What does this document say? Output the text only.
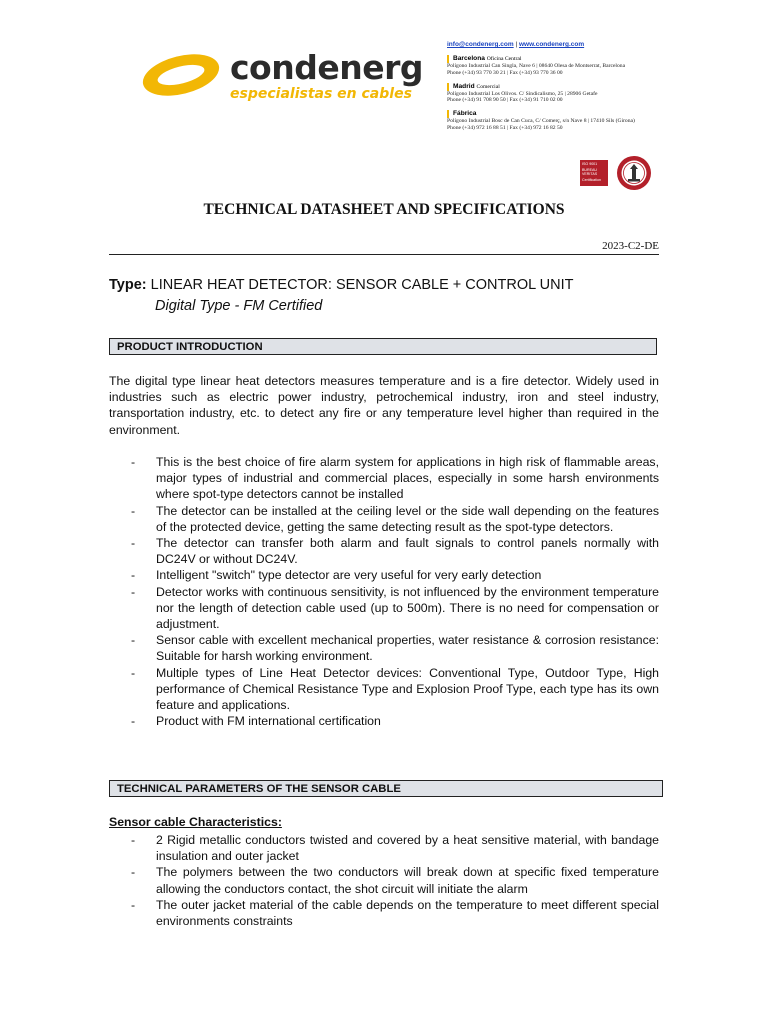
condenerg
especialistas en cables
info@condenerg.com | www.condenerg.com
Barcelona Oficina Central
Polígono Industrial Can Singla, Nave 6 | 08640 Olesa de Montserrat, Barcelona
Phone (+34) 93 770 30 21 | Fax (+34) 93 770 36 00
Madrid Comercial
Polígono Industrial Los Olivos. C/ Sindicalismo, 25 | 28906 Getafe
Phone (+34) 91 708 90 50 | Fax (+34) 91 710 02 00
Fábrica
Polígono Industrial Bosc de Can Cuca, C/ Comerç, s/n Nave 8 | 17410 Sils (Girona)
Phone (+34) 972 16 88 51 | Fax (+34) 972 16 82 50
ISO 9001
BUREAU VERITAS
Certification
TECHNICAL DATASHEET AND SPECIFICATIONS
2023-C2-DE
Type: LINEAR HEAT DETECTOR: SENSOR CABLE + CONTROL UNIT
Digital Type - FM Certified
PRODUCT INTRODUCTION
The digital type linear heat detectors measures temperature and is a fire detector. Widely used in industries such as electric power industry, petrochemical industry, iron and steel industry, transportation industry, etc. to detect any fire or any temperature level higher than required in the environment.
- This is the best choice of fire alarm system for applications in high risk of flammable areas, major types of industrial and commercial places, especially in some harsh environments where spot-type detectors cannot be installed
- The detector can be installed at the ceiling level or the side wall depending on the features of the protected device, getting the same detecting result as the spot-type detectors.
- The detector can transfer both alarm and fault signals to control panels normally with DC24V or without DC24V.
- Intelligent "switch" type detector are very useful for very early detection
- Detector works with continuous sensitivity, is not influenced by the environment temperature nor the length of detection cable used (up to 500m). There is no need for compensation or adjustment.
- Sensor cable with excellent mechanical properties, water resistance & corrosion resistance: Suitable for harsh working environment.
- Multiple types of Line Heat Detector devices: Conventional Type, Outdoor Type, High performance of Chemical Resistance Type and Explosion Proof Type, each type has its own feature and applications.
- Product with FM international certification
TECHNICAL PARAMETERS OF THE SENSOR CABLE
Sensor cable Characteristics:
- 2 Rigid metallic conductors twisted and covered by a heat sensitive material, with bandage insulation and outer jacket
- The polymers between the two conductors will break down at specific fixed temperature allowing the conductors contact, the shot circuit will initiate the alarm
- The outer jacket material of the cable depends on the temperature to meet different special environments constraints
